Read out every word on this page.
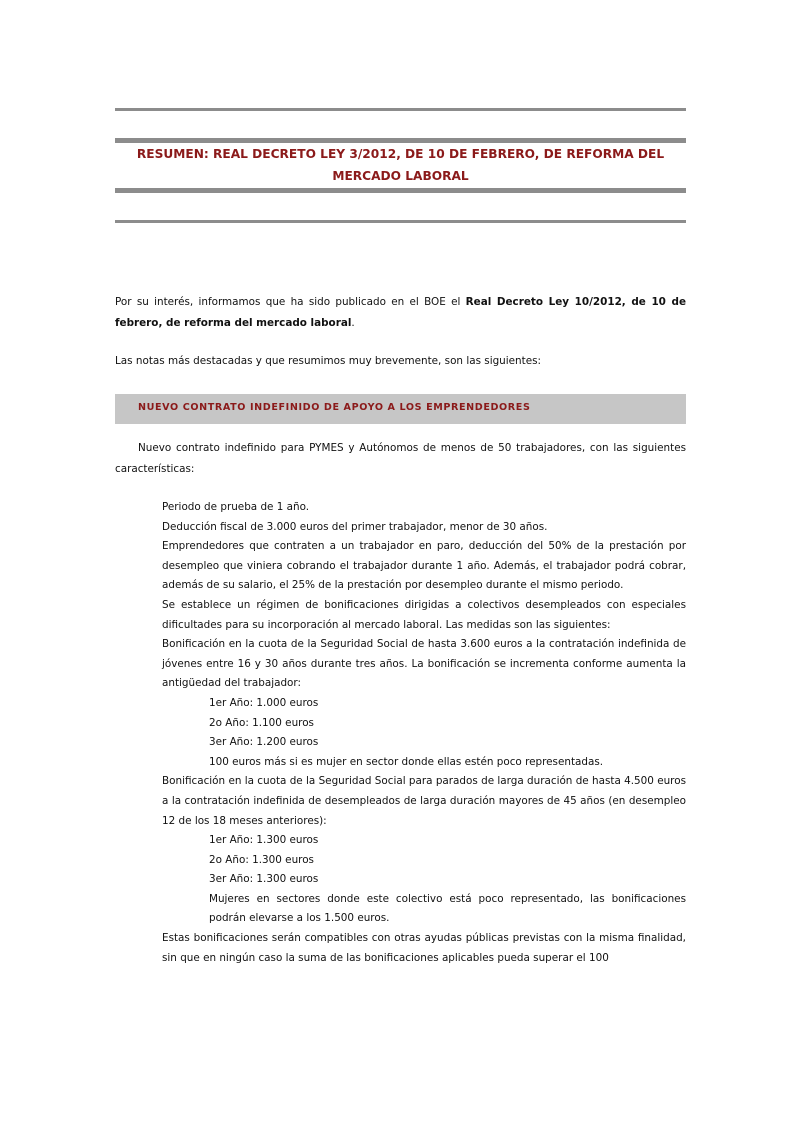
RESUMEN: REAL DECRETO LEY 3/2012, DE 10 DE FEBRERO, DE REFORMA DEL
MERCADO LABORAL

Por su interés, informamos que ha sido publicado en el BOE el Real Decreto Ley 10/2012, de 10 de febrero, de reforma del mercado laboral.

Las notas más destacadas y que resumimos muy brevemente, son las siguientes:

NUEVO CONTRATO INDEFINIDO DE APOYO A LOS EMPRENDEDORES

Nuevo contrato indefinido para PYMES y Autónomos de menos de 50 trabajadores, con las siguientes características:

Periodo de prueba de 1 año.

Deducción fiscal de 3.000 euros del primer trabajador, menor de 30 años.

Emprendedores que contraten a un trabajador en paro, deducción del 50% de la prestación por desempleo que viniera cobrando el trabajador durante 1 año. Además, el trabajador podrá cobrar, además de su salario, el 25% de la prestación por desempleo durante el mismo periodo.

Se establece un régimen de bonificaciones dirigidas a colectivos desempleados con especiales dificultades para su incorporación al mercado laboral. Las medidas son las siguientes:

Bonificación en la cuota de la Seguridad Social de hasta 3.600 euros a la contratación indefinida de jóvenes entre 16 y 30 años durante tres años. La bonificación se incrementa conforme aumenta la antigüedad del trabajador:

1er Año: 1.000 euros

2o Año: 1.100 euros

3er Año: 1.200 euros

100 euros más si es mujer en sector donde ellas estén poco representadas.

Bonificación en la cuota de la Seguridad Social para parados de larga duración de hasta 4.500 euros a la contratación indefinida de desempleados de larga duración mayores de 45 años (en desempleo 12 de los 18 meses anteriores):

1er Año: 1.300 euros

2o Año: 1.300 euros

3er Año: 1.300 euros

Mujeres en sectores donde este colectivo está poco representado, las bonificaciones podrán elevarse a los 1.500 euros.

Estas bonificaciones serán compatibles con otras ayudas públicas previstas con la misma finalidad, sin que en ningún caso la suma de las bonificaciones aplicables pueda superar el 100
